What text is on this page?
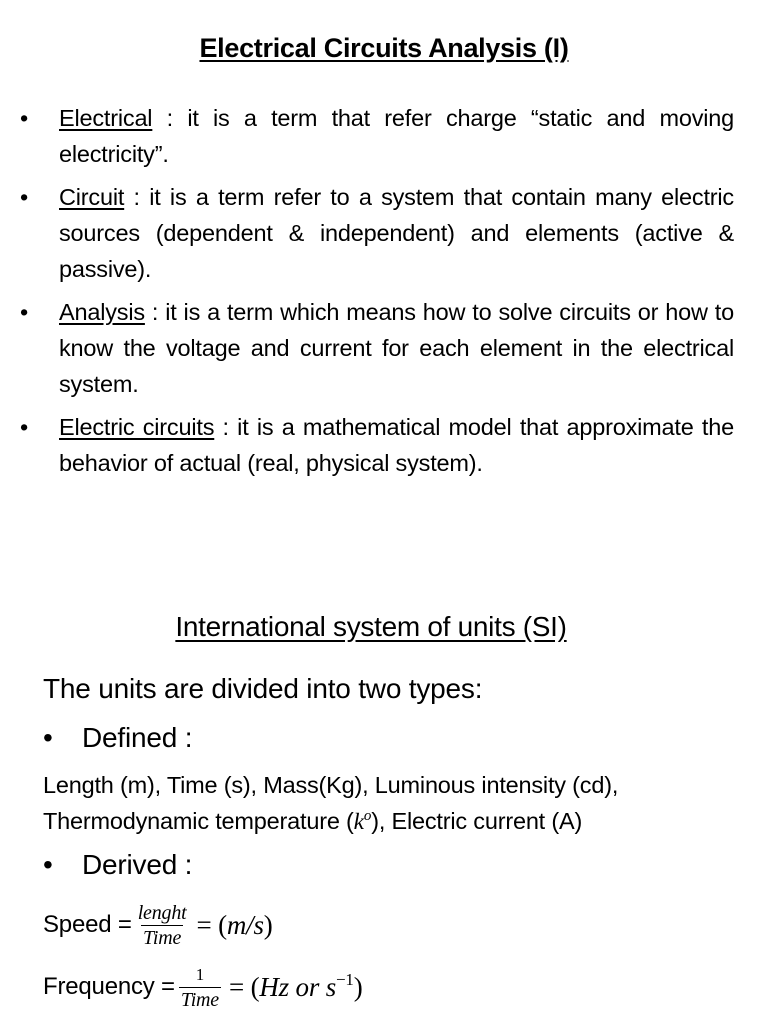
Electrical Circuits Analysis (I)
• Electrical : it is a term that refer charge “static and moving electricity”.
• Circuit : it is a term refer to a system that contain many electric sources (dependent & independent) and elements (active & passive).
• Analysis : it is a term which means how to solve circuits or how to know the voltage and current for each element in the electrical system.
• Electric circuits : it is a mathematical model that approximate the behavior of actual (real, physical system).
International system of units (SI)
The units are divided into two types:
• Defined :
Length (m), Time (s), Mass(Kg), Luminous intensity (cd),
Thermodynamic temperature $(k^o)$, Electric current (A)
• Derived :
Speed = $\frac{\text{lenght}}{\text{Time}} = (m/s)$
Frequency = $\frac{1}{\text{Time}} = (Hz$ or $s^{-1}$)
